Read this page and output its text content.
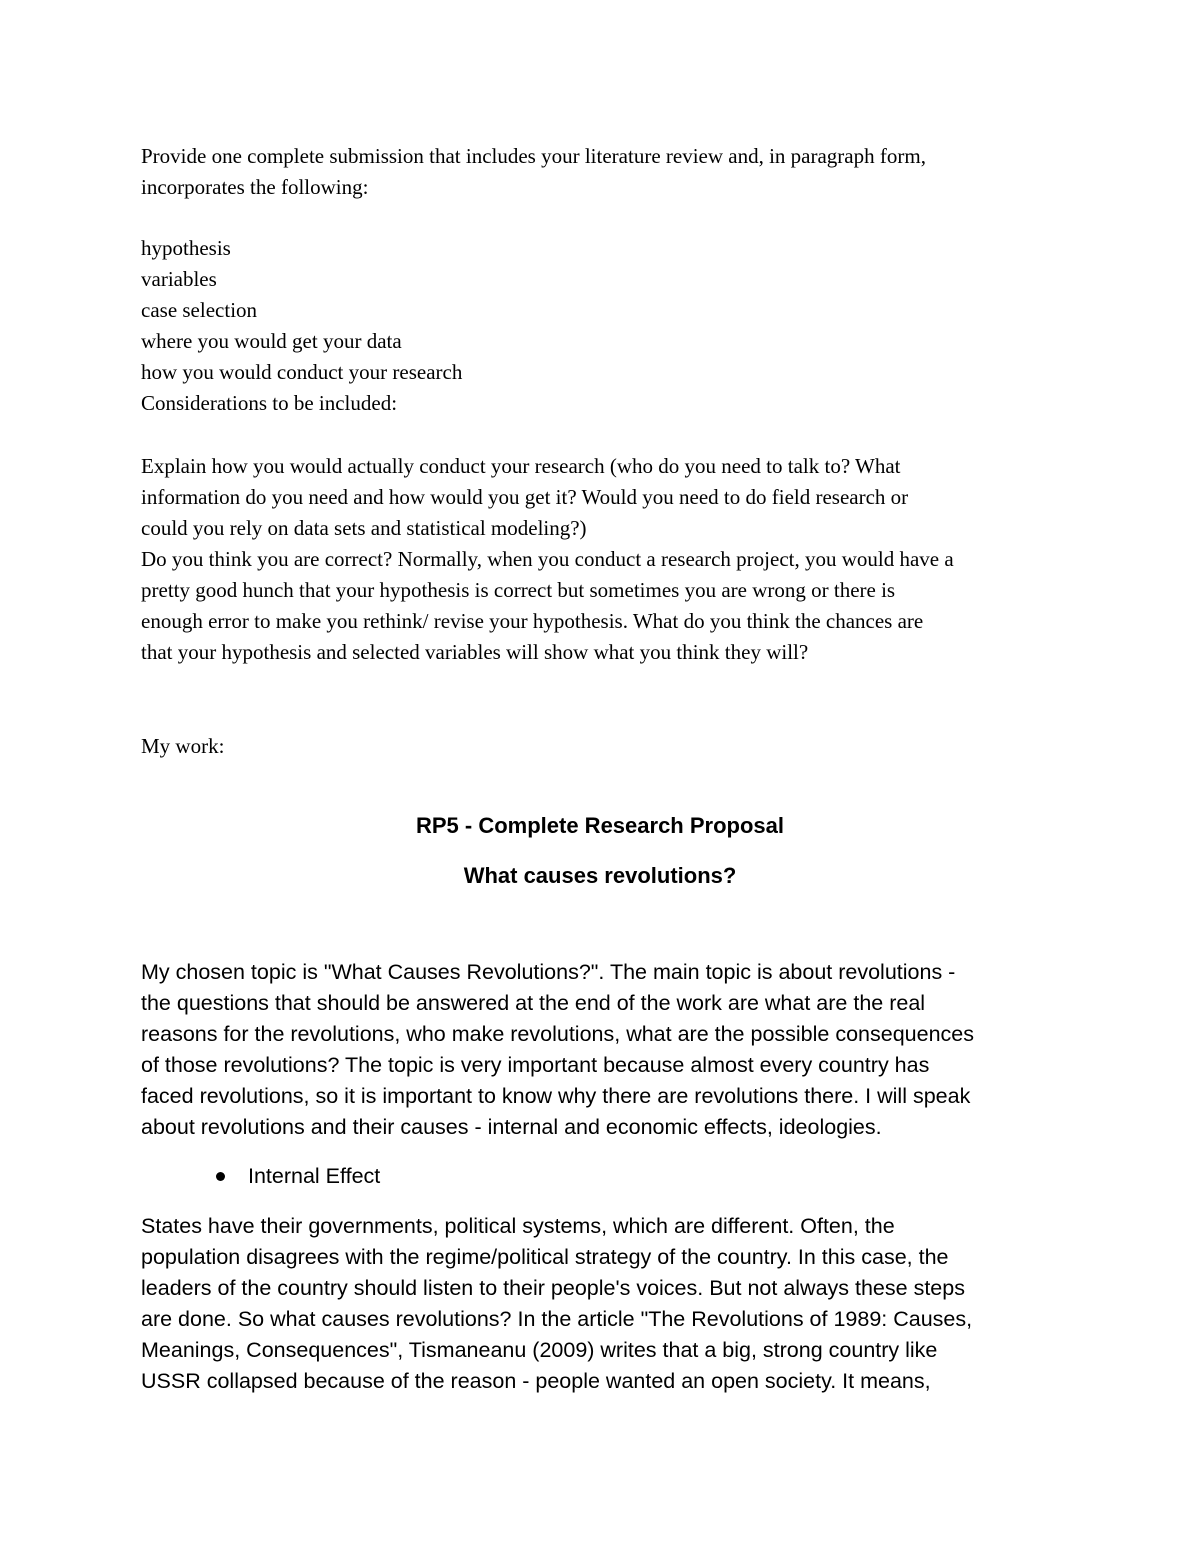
Provide one complete submission that includes your literature review and, in paragraph form,

incorporates the following:

hypothesis
variables
case selection
where you would get your data
how you would conduct your research
Considerations to be included:

Explain how you would actually conduct your research (who do you need to talk to? What

information do you need and how would you get it? Would you need to do field research or

could you rely on data sets and statistical modeling?)

Do you think you are correct? Normally, when you conduct a research project, you would have a

pretty good hunch that your hypothesis is correct but sometimes you are wrong or there is

enough error to make you rethink/ revise your hypothesis. What do you think the chances are

that your hypothesis and selected variables will show what you think they will?

My work:
RP5 - Complete Research Proposal
What causes revolutions?

My chosen topic is "What Causes Revolutions?". The main topic is about revolutions -

the questions that should be answered at the end of the work are what are the real

reasons for the revolutions, who make revolutions, what are the possible consequences

of those revolutions? The topic is very important because almost every country has

faced revolutions, so it is important to know why there are revolutions there. I will speak

about revolutions and their causes - internal and economic effects, ideologies.

Internal Effect

States have their governments, political systems, which are different. Often, the

population disagrees with the regime/political strategy of the country. In this case, the

leaders of the country should listen to their people's voices. But not always these steps

are done. So what causes revolutions? In the article "The Revolutions of 1989: Causes,

Meanings, Consequences", Tismaneanu (2009) writes that a big, strong country like

USSR collapsed because of the reason - people wanted an open society. It means,
